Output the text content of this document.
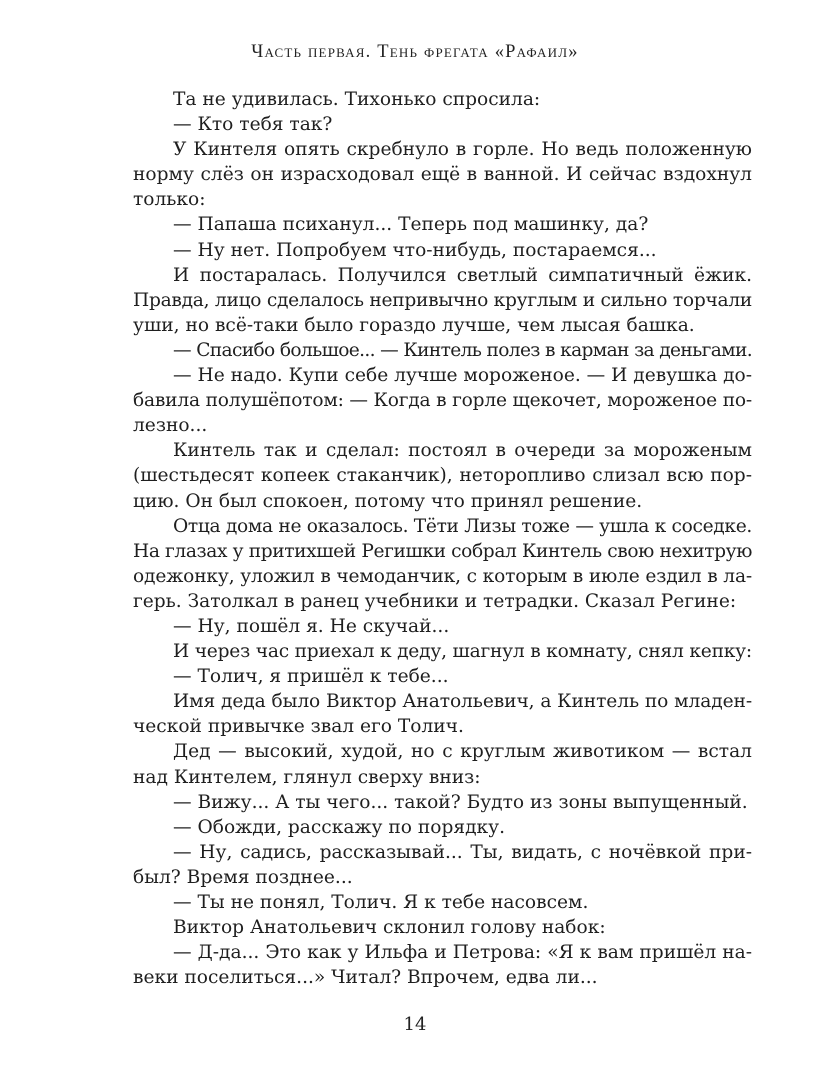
Часть первая. Тень фрегата «Рафаил»
Та не удивилась. Тихонько спросила:
— Кто тебя так?
У Кинтеля опять скребнуло в горле. Но ведь положенную
норму слёз он израсходовал ещё в ванной. И сейчас вздохнул
только:
— Папаша психанул... Теперь под машинку, да?
— Ну нет. Попробуем что-нибудь, постараемся...
И постаралась. Получился светлый симпатичный ёжик.
Правда, лицо сделалось непривычно круглым и сильно торчали
уши, но всё-таки было гораздо лучше, чем лысая башка.
— Спасибо большое... — Кинтель полез в карман за деньгами.
— Не надо. Купи себе лучше мороженое. — И девушка до-
бавила полушёпотом: — Когда в горле щекочет, мороженое по-
лезно...
Кинтель так и сделал: постоял в очереди за мороженым
(шестьдесят копеек стаканчик), неторопливо слизал всю пор-
цию. Он был спокоен, потому что принял решение.
Отца дома не оказалось. Тёти Лизы тоже — ушла к соседке.
На глазах у притихшей Регишки собрал Кинтель свою нехитрую
одежонку, уложил в чемоданчик, с которым в июле ездил в ла-
герь. Затолкал в ранец учебники и тетрадки. Сказал Регине:
— Ну, пошёл я. Не скучай...
И через час приехал к деду, шагнул в комнату, снял кепку:
— Толич, я пришёл к тебе...
Имя деда было Виктор Анатольевич, а Кинтель по младен-
ческой привычке звал его Толич.
Дед — высокий, худой, но с круглым животиком — встал
над Кинтелем, глянул сверху вниз:
— Вижу... А ты чего... такой? Будто из зоны выпущенный.
— Обожди, расскажу по порядку.
— Ну, садись, рассказывай... Ты, видать, с ночёвкой при-
был? Время позднее...
— Ты не понял, Толич. Я к тебе насовсем.
Виктор Анатольевич склонил голову набок:
— Д-да... Это как у Ильфа и Петрова: «Я к вам пришёл на-
веки поселиться...» Читал? Впрочем, едва ли...
14
